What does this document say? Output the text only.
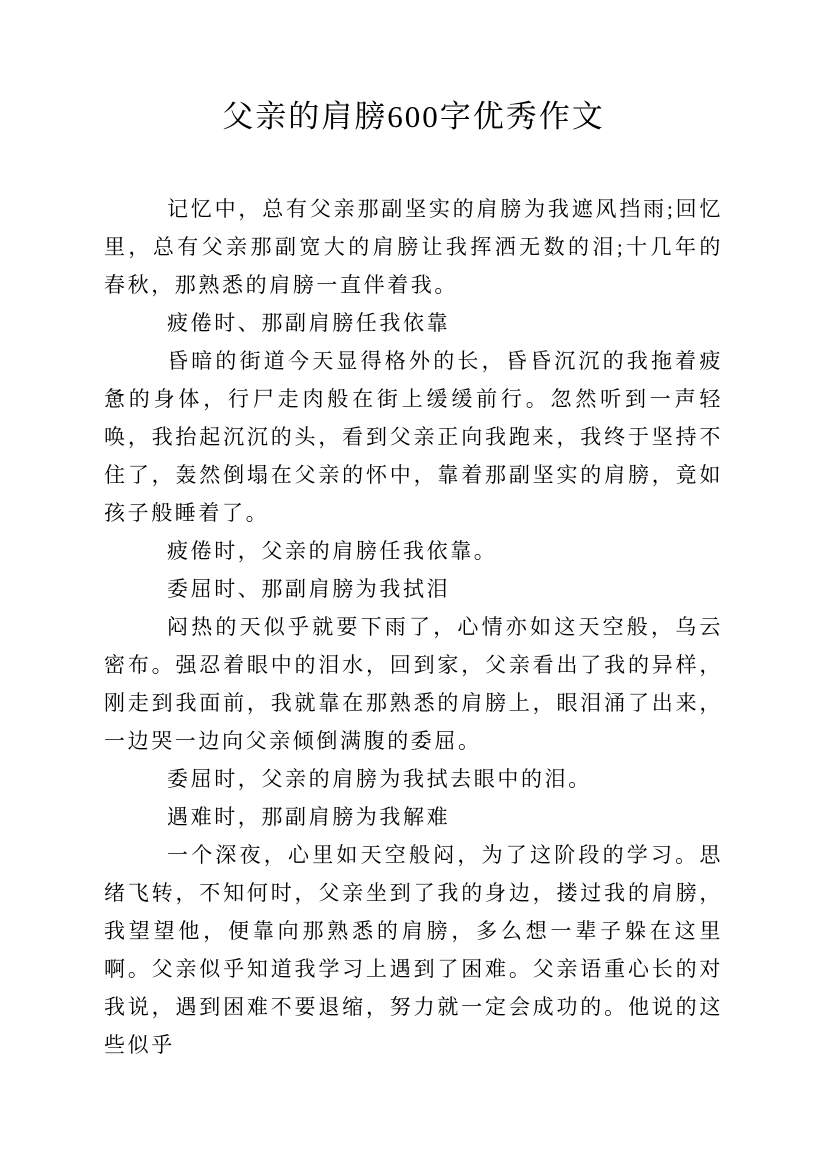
父亲的肩膀600字优秀作文

记忆中，总有父亲那副坚实的肩膀为我遮风挡雨;回忆里，总有父亲那副宽大的肩膀让我挥洒无数的泪;十几年的春秋，那熟悉的肩膀一直伴着我。

疲倦时、那副肩膀任我依靠

昏暗的街道今天显得格外的长，昏昏沉沉的我拖着疲惫的身体，行尸走肉般在街上缓缓前行。忽然听到一声轻唤，我抬起沉沉的头，看到父亲正向我跑来，我终于坚持不住了，轰然倒塌在父亲的怀中，靠着那副坚实的肩膀，竟如孩子般睡着了。

疲倦时，父亲的肩膀任我依靠。

委屈时、那副肩膀为我拭泪

闷热的天似乎就要下雨了，心情亦如这天空般，乌云密布。强忍着眼中的泪水，回到家，父亲看出了我的异样，刚走到我面前，我就靠在那熟悉的肩膀上，眼泪涌了出来，一边哭一边向父亲倾倒满腹的委屈。

委屈时，父亲的肩膀为我拭去眼中的泪。

遇难时，那副肩膀为我解难

一个深夜，心里如天空般闷，为了这阶段的学习。思绪飞转，不知何时，父亲坐到了我的身边，搂过我的肩膀，我望望他，便靠向那熟悉的肩膀，多么想一辈子躲在这里啊。父亲似乎知道我学习上遇到了困难。父亲语重心长的对我说，遇到困难不要退缩，努力就一定会成功的。他说的这些似乎
